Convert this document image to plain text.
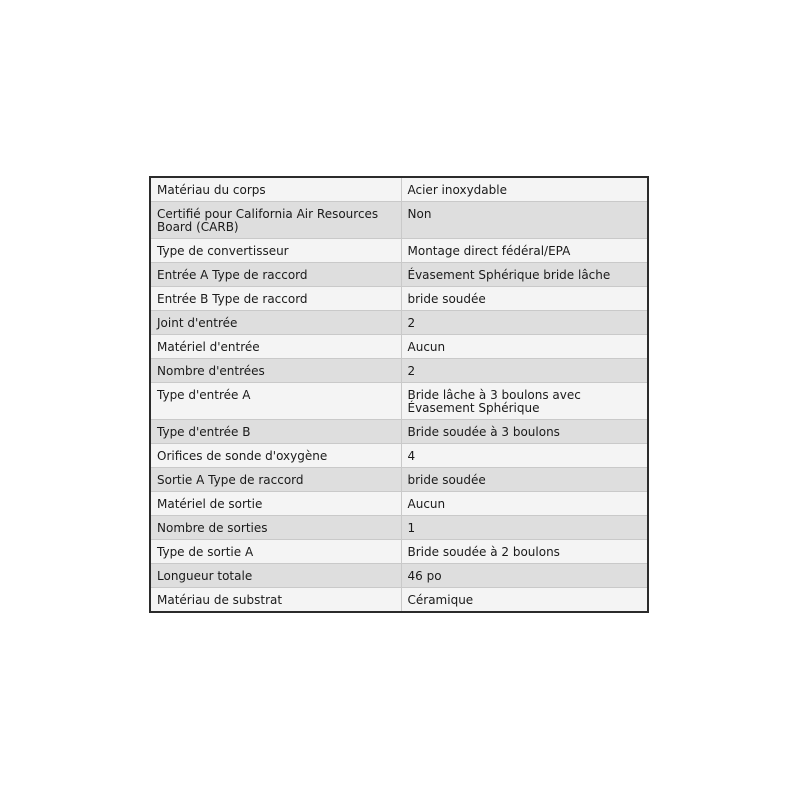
Matériau du corps	Acier inoxydable
Certifié pour California Air Resources Board (CARB)	Non
Type de convertisseur	Montage direct fédéral/EPA
Entrée A Type de raccord	Évasement Sphérique bride lâche
Entrée B Type de raccord	bride soudée
Joint d'entrée	2
Matériel d'entrée	Aucun
Nombre d'entrées	2
Type d'entrée A	Bride lâche à 3 boulons avec Évasement Sphérique
Type d'entrée B	Bride soudée à 3 boulons
Orifices de sonde d'oxygène	4
Sortie A Type de raccord	bride soudée
Matériel de sortie	Aucun
Nombre de sorties	1
Type de sortie A	Bride soudée à 2 boulons
Longueur totale	46 po
Matériau de substrat	Céramique
